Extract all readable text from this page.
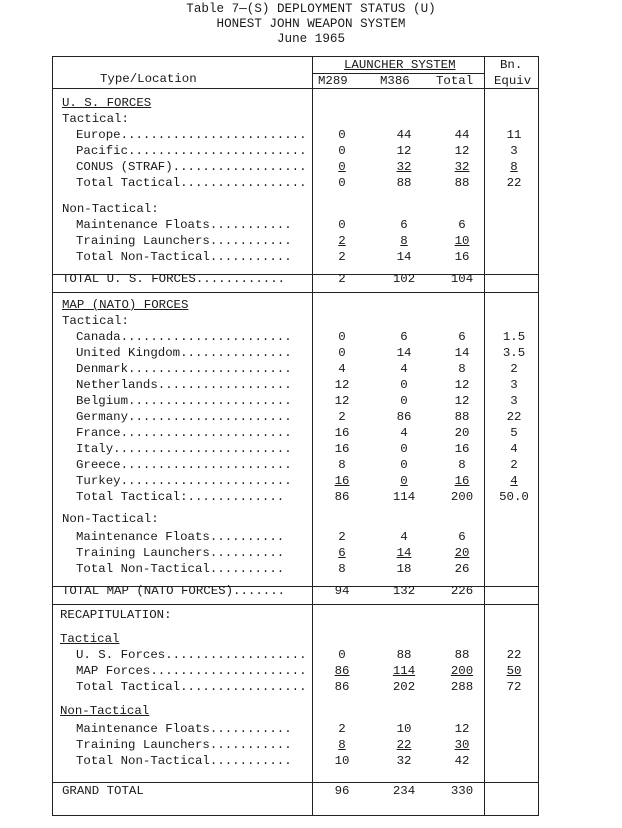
Table 7—(S) DEPLOYMENT STATUS (U)
HONEST JOHN WEAPON SYSTEM
June 1965
Type/Location
LAUNCHER SYSTEM
M289	M386 Total
Bn.
Equiv
U. S. FORCES
Tactical:
Europe.........................	0	44	44	11
Pacific........................	0	12	12	3
CONUS (STRAF)..................	0	32	32	8
Total Tactical.................	0	88	88	22
Non-Tactical:
Maintenance Floats...........	0	6	6
Training Launchers...........	2	8	10
Total Non-Tactical...........	2	14	16
TOTAL U. S. FORCES............	2	102	104
MAP (NATO) FORCES
Tactical:
Canada.......................	0	6	6	1.5
United Kingdom...............	0	14	14	3.5
Denmark......................	4	4	8	2
Netherlands..................	12	0	12	3
Belgium......................	12	0	12	3
Germany......................	2	86	88	22
France.......................	16	4	20	5
Italy........................	16	0	16	4
Greece.......................	8	0	8	2
Turkey.......................	16	0	16	4
Total Tactical:.............	86	114	200	50.0
Non-Tactical:
Maintenance Floats..........	2	4	6
Training Launchers..........	6	14	20
Total Non-Tactical..........	8	18	26
TOTAL MAP (NATO FORCES).......	94	132	226
RECAPITULATION:
Tactical
U. S. Forces...................	0	88	88	22
MAP Forces.....................	86	114	200	50
Total Tactical.................	86	202	288	72
Non-Tactical
Maintenance Floats...........	2	10	12
Training Launchers...........	8	22	30
Total Non-Tactical...........	10	32	42
GRAND TOTAL	96	234	330
